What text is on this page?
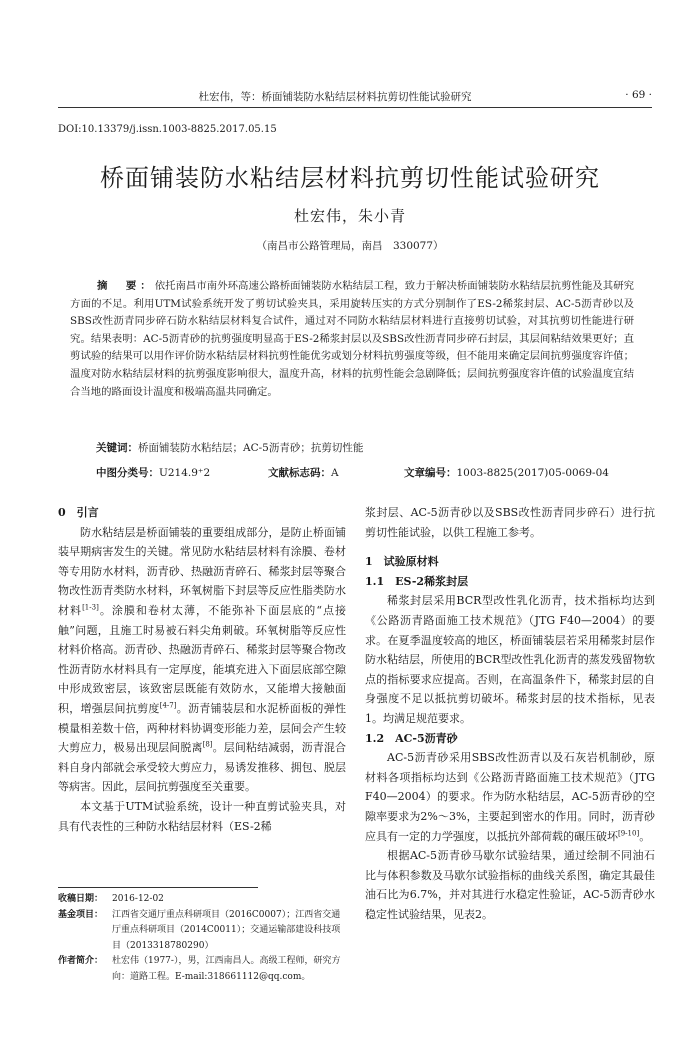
杜宏伟，等：桥面铺装防水粘结层材料抗剪切性能试验研究	· 69 ·
DOI:10.13379/j.issn.1003-8825.2017.05.15
桥面铺装防水粘结层材料抗剪切性能试验研究
杜宏伟，朱小青
（南昌市公路管理局，南昌　330077）
摘　要：依托南昌市南外环高速公路桥面铺装防水粘结层工程，致力于解决桥面铺装防水粘结层抗剪性能及其研究方面的不足。利用UTM试验系统开发了剪切试验夹具，采用旋转压实的方式分别制作了ES-2稀浆封层、AC-5沥青砂以及SBS改性沥青同步碎石防水粘结层材料复合试件，通过对不同防水粘结层材料进行直接剪切试验，对其抗剪切性能进行研究。结果表明：AC-5沥青砂的抗剪强度明显高于ES-2稀浆封层以及SBS改性沥青同步碎石封层，其层间粘结效果更好；直剪试验的结果可以用作评价防水粘结层材料抗剪性能优劣或划分材料抗剪强度等级，但不能用来确定层间抗剪强度容许值；温度对防水粘结层材料的抗剪强度影响很大，温度升高，材料的抗剪性能会急剧降低；层间抗剪强度容许值的试验温度宜结合当地的路面设计温度和极端高温共同确定。
关键词：桥面铺装防水粘结层；AC-5沥青砂；抗剪切性能
中图分类号：U214.9⁺2	文献标志码：A	文章编号：1003-8825(2017)05-0069-04
0　引言

防水粘结层是桥面铺装的重要组成部分，是防止桥面铺装早期病害发生的关键。常见防水粘结层材料有涂膜、卷材等专用防水材料，沥青砂、热融沥青碎石、稀浆封层等聚合物改性沥青类防水材料，环氧树脂下封层等反应性脂类防水材料[1-3]。涂膜和卷材太薄，不能弥补下面层底的“点接触”问题，且施工时易被石料尖角刺破。环氧树脂等反应性材料价格高。沥青砂、热融沥青碎石、稀浆封层等聚合物改性沥青防水材料具有一定厚度，能填充进入下面层底部空隙中形成致密层，该致密层既能有效防水，又能增大接触面积，增强层间抗剪度[4-7]。沥青铺装层和水泥桥面板的弹性模量相差数十倍，两种材料协调变形能力差，层间会产生较大剪应力，极易出现层间脱离[8]。层间粘结减弱，沥青混合料自身内部就会承受较大剪应力，易诱发推移、拥包、脱层等病害。因此，层间抗剪强度至关重要。

本文基于UTM试验系统，设计一种直剪试验夹具，对具有代表性的三种防水粘结层材料（ES-2稀

浆封层、AC-5沥青砂以及SBS改性沥青同步碎石）进行抗剪切性能试验，以供工程施工参考。

1　试验原材料
1.1　ES-2稀浆封层

稀浆封层采用BCR型改性乳化沥青，技术指标均达到《公路沥青路面施工技术规范》（JTG F40—2004）的要求。在夏季温度较高的地区，桥面铺装层若采用稀浆封层作防水粘结层，所使用的BCR型改性乳化沥青的蒸发残留物软点的指标要求应提高。否则，在高温条件下，稀浆封层的自身强度不足以抵抗剪切破坏。稀浆封层的技术指标，见表1。均满足规范要求。

1.2　AC-5沥青砂

AC-5沥青砂采用SBS改性沥青以及石灰岩机制砂，原材料各项指标均达到《公路沥青路面施工技术规范》（JTG F40—2004）的要求。作为防水粘结层，AC-5沥青砂的空隙率要求为2%～3%，主要起到密水的作用。同时，沥青砂应具有一定的力学强度，以抵抗外部荷载的碾压破坏[9-10]。

根据AC-5沥青砂马歇尔试验结果，通过绘制不同油石比与体积参数及马歇尔试验指标的曲线关系图，确定其最佳油石比为6.7%，并对其进行水稳定性验证，AC-5沥青砂水稳定性试验结果，见表2。

收稿日期： 2016-12-02
基金项目： 江西省交通厅重点科研项目（2016C0007）；江西省交通厅重点科研项目（2014C0011）；交通运输部建设科技项目（2013318780290）
作者简介： 杜宏伟（1977-），男，江西南昌人。高级工程师，研究方向：道路工程。E-mail:318661112@qq.com。
